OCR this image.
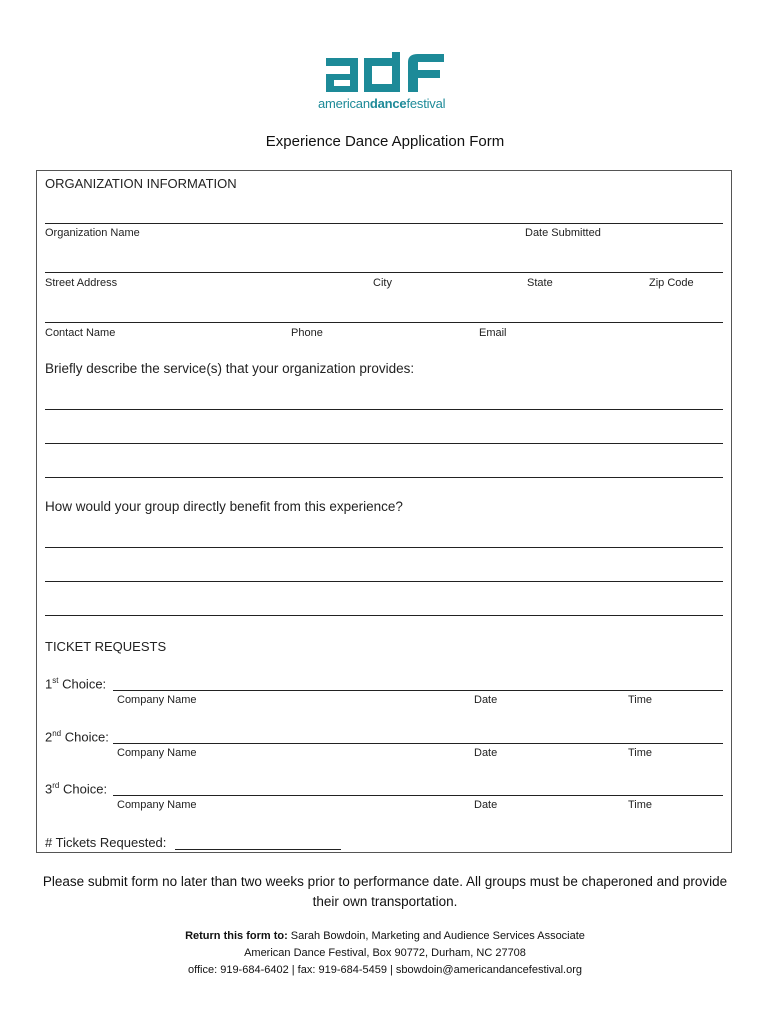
americandancefestival
Experience Dance Application Form
ORGANIZATION INFORMATION
Organization Name	Date Submitted
Street Address	City	State	Zip Code
Contact Name	Phone	Email
Briefly describe the service(s) that your organization provides:
How would your group directly benefit from this experience?
TICKET REQUESTS
1st Choice:
Company Name	Date	Time
2nd Choice:
Company Name	Date	Time
3rd Choice:
Company Name	Date	Time
# Tickets Requested:
Please submit form no later than two weeks prior to performance date. All groups must be chaperoned and provide their own transportation.
Return this form to: Sarah Bowdoin, Marketing and Audience Services Associate
American Dance Festival, Box 90772, Durham, NC 27708
office: 919-684-6402 | fax: 919-684-5459 | sbowdoin@americandancefestival.org
